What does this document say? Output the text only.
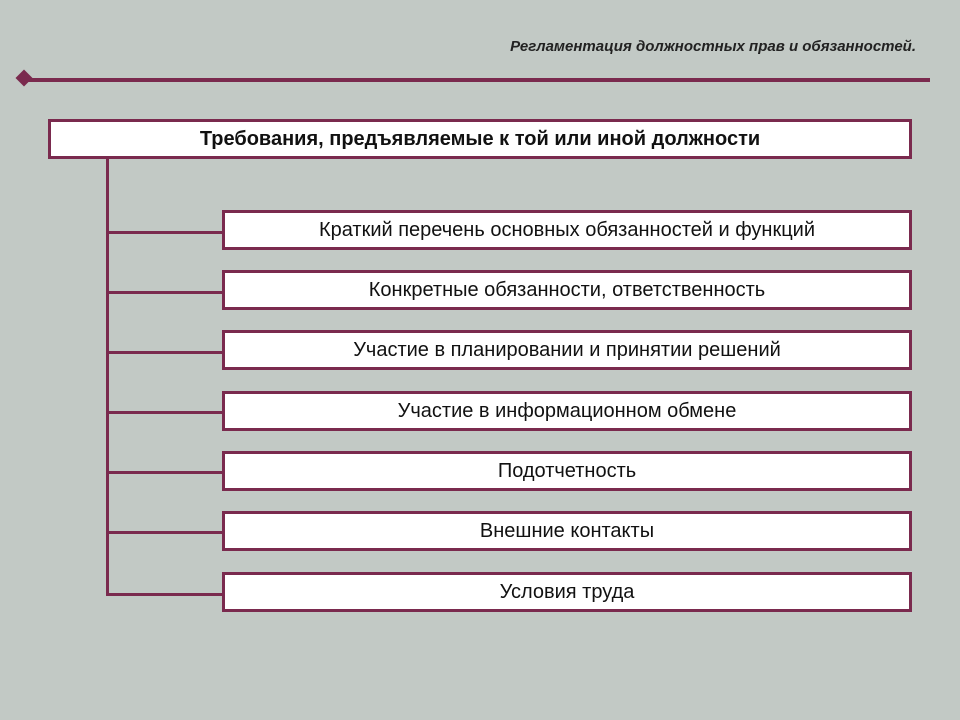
Регламентация должностных прав и обязанностей.
Требования, предъявляемые к той или иной должности
Краткий перечень основных обязанностей и функций
Конкретные обязанности, ответственность
Участие в планировании и принятии решений
Участие в информационном обмене
Подотчетность
Внешние контакты
Условия труда
